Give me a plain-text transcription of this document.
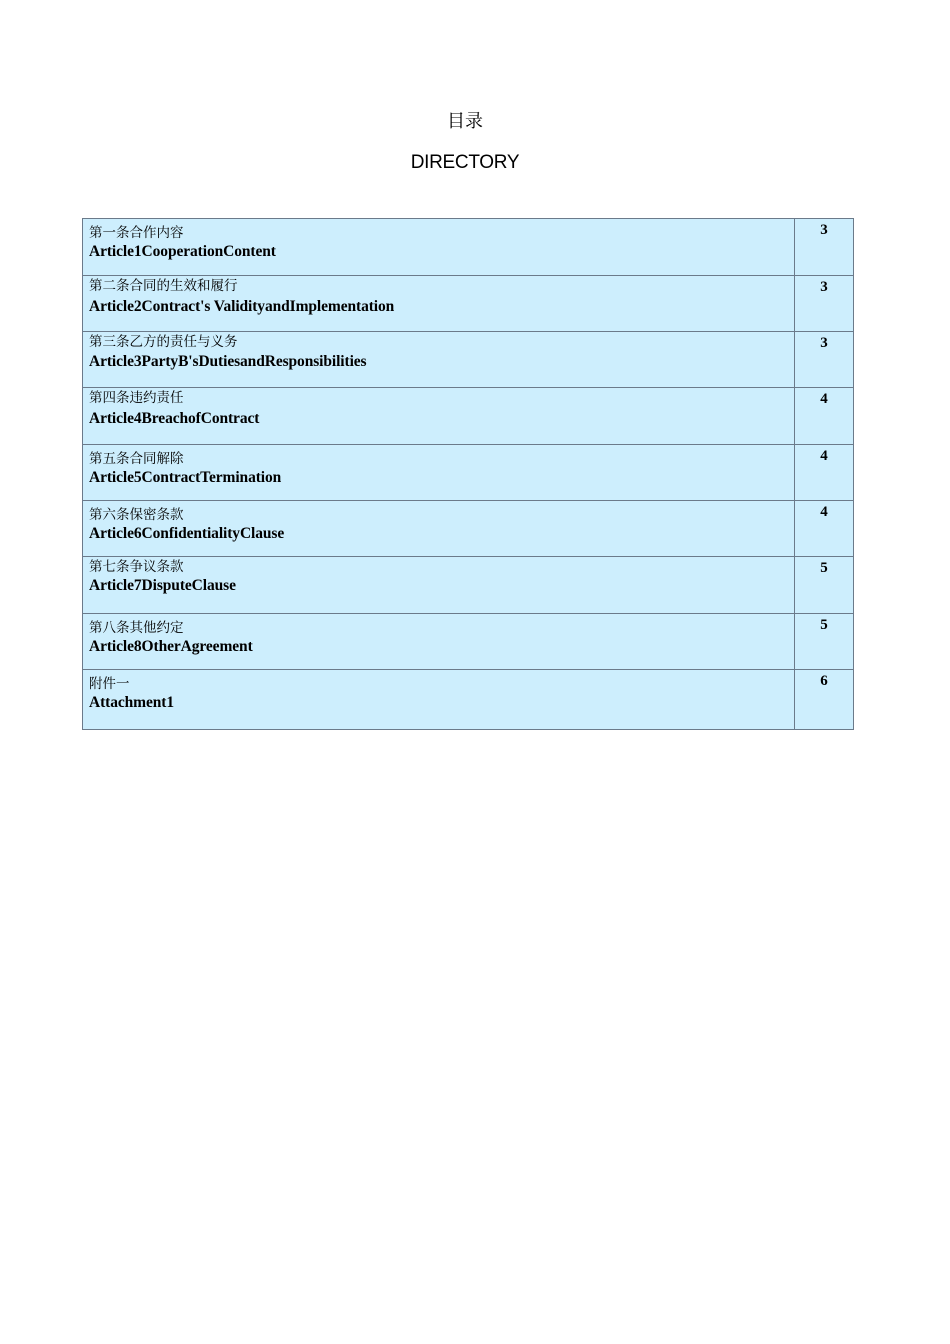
目录
DIRECTORY
第一条合作内容
Article1CooperationContent	3

第二条合同的生效和履行
Article2Contract's ValidityandImplementation	3

第三条乙方的责任与义务
Article3PartyB'sDutiesandResponsibilities	3

第四条违约责任
Article4BreachofContract	4

第五条合同解除
Article5ContractTermination	4

第六条保密条款
Article6ConfidentialityClause	4

第七条争议条款
Article7DisputeClause	5

第八条其他约定
Article8OtherAgreement	5

附件一
Attachment1	6
